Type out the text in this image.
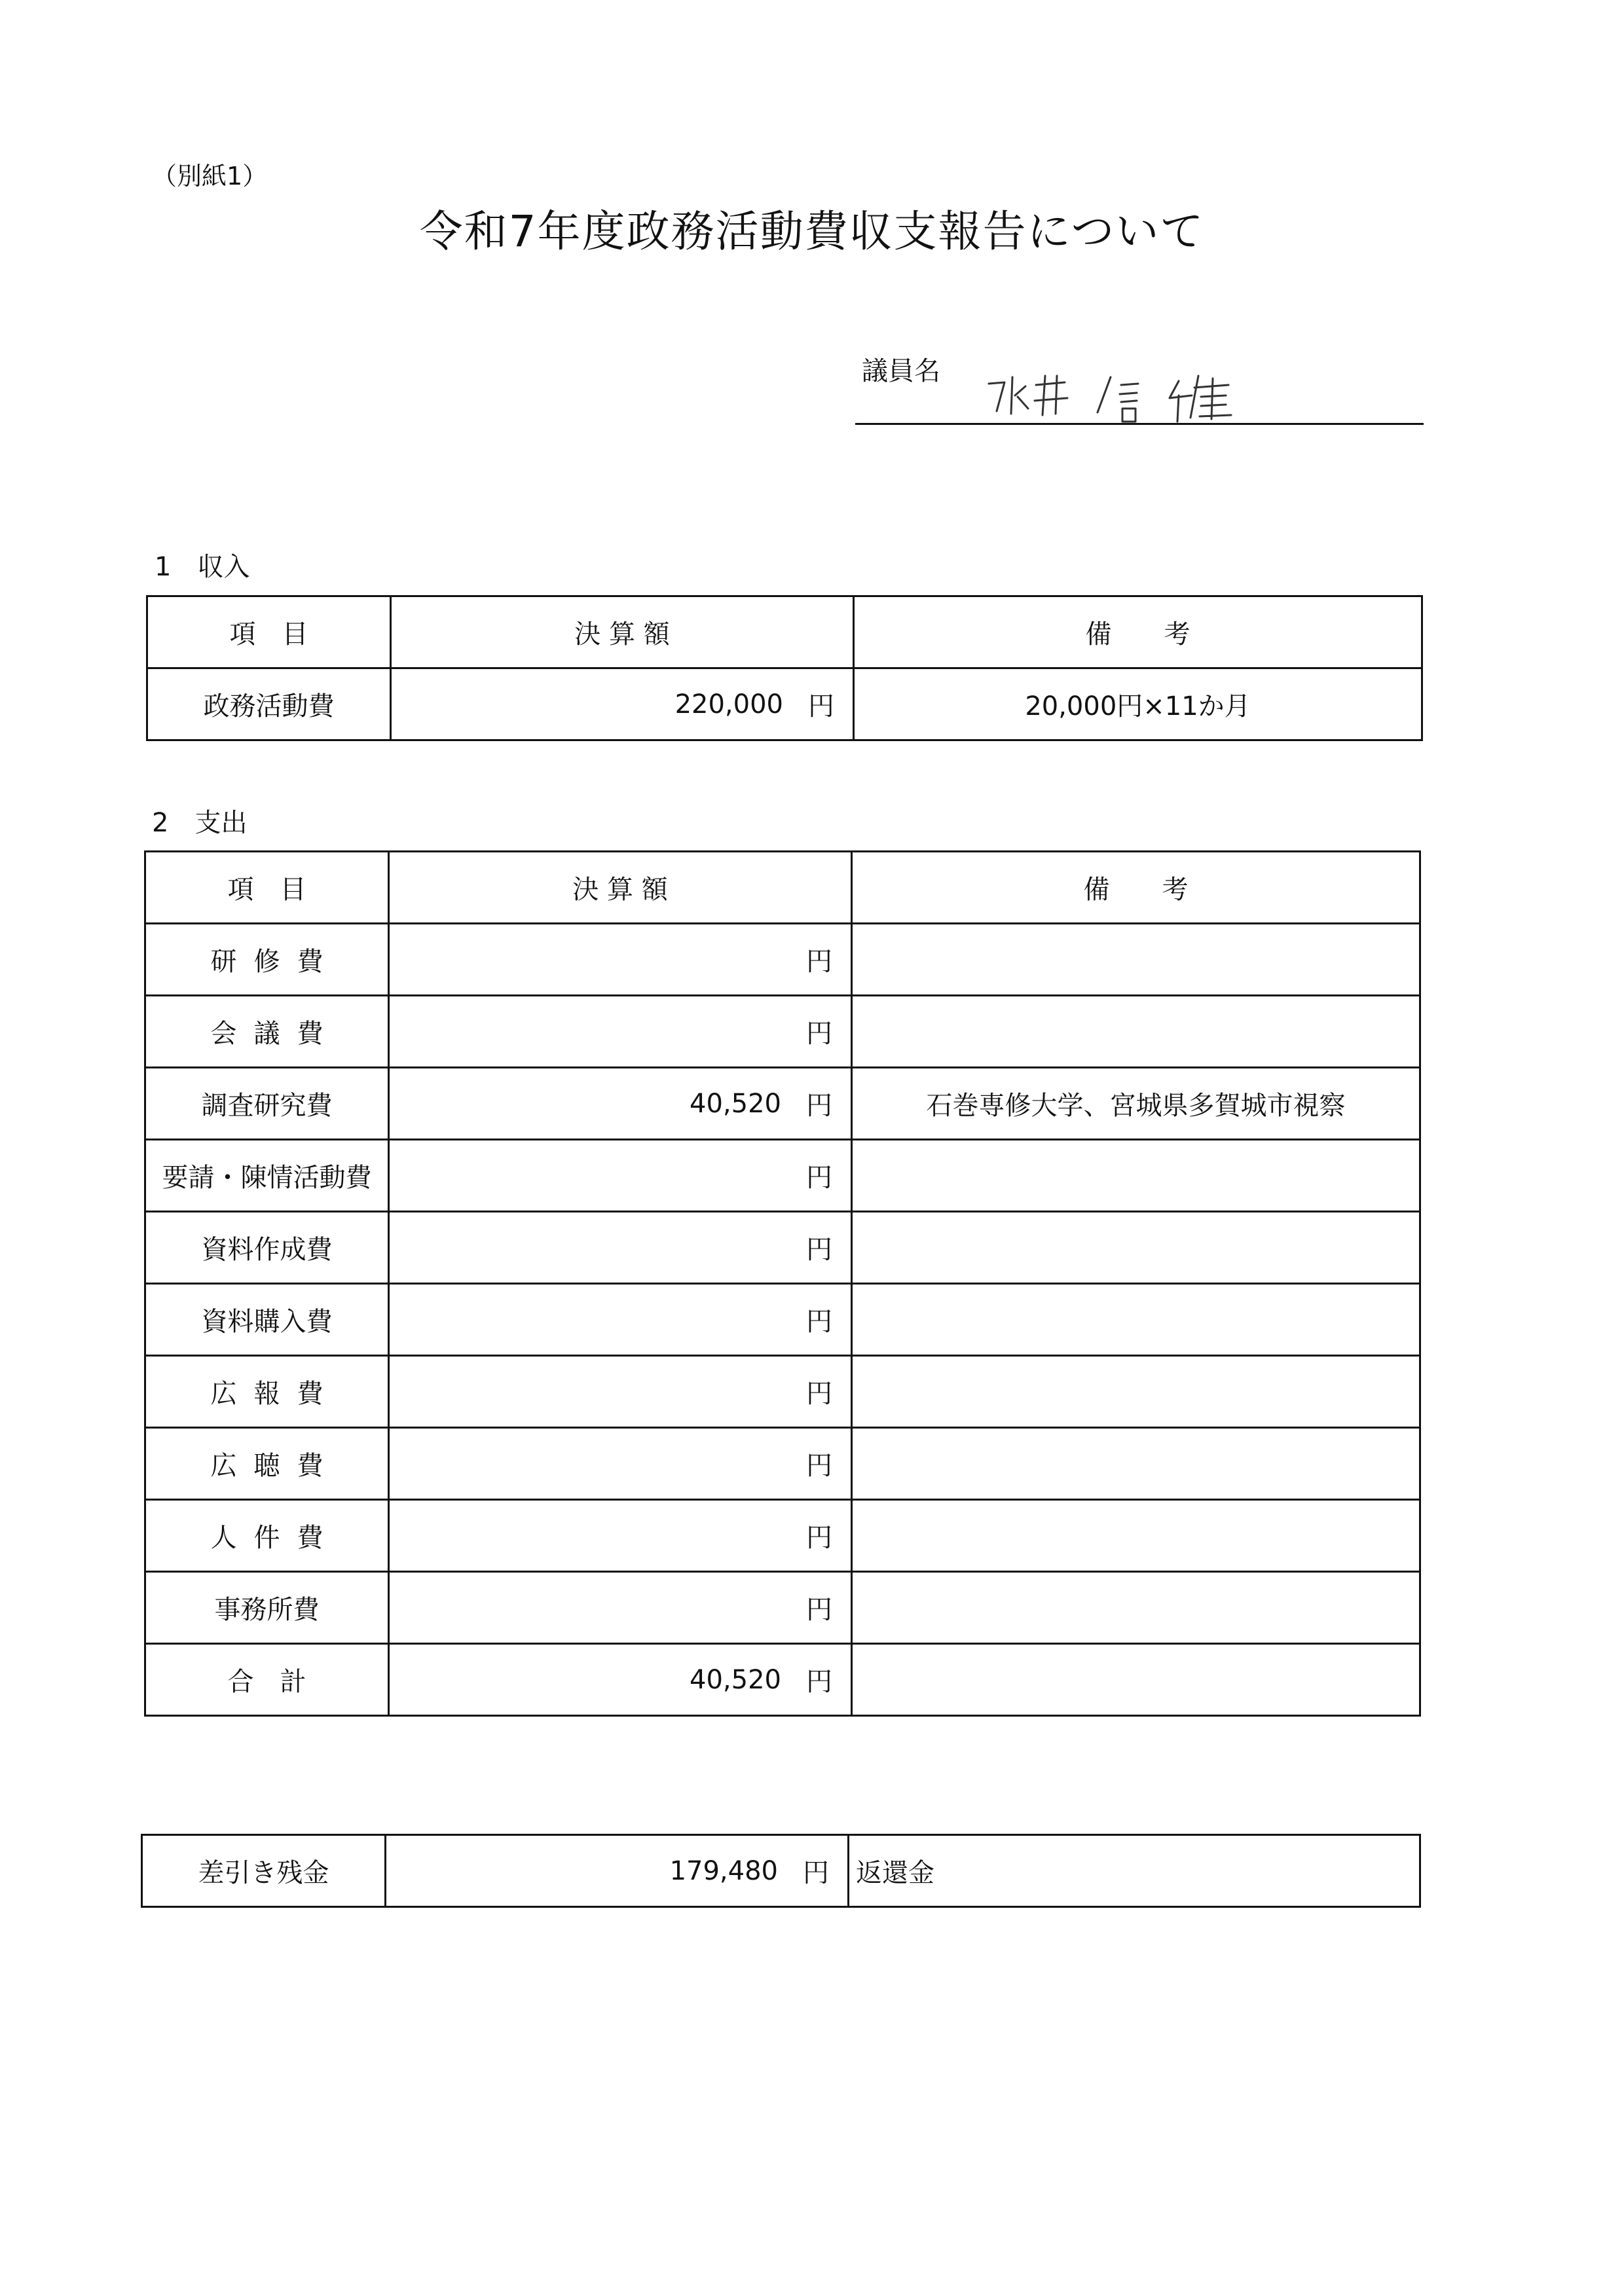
（別紙1）
令和7年度政務活動費収支報告について
議員名
1　収入
項　目	決 算 額	備　　考
政務活動費	220,000 円	20,000円×11か月
2　支出
項　目	決 算 額	備　　考
研修費	円	

会議費	円	

調査研究費	40,520 円	石巻専修大学、宮城県多賀城市視察
要請・陳情活動費	円	

資料作成費	円	

資料購入費	円	

広報費	円	

広聴費	円	

人件費	円	

事務所費	円	

合　計	40,520 円	

差引き残金	179,480 円	返還金
